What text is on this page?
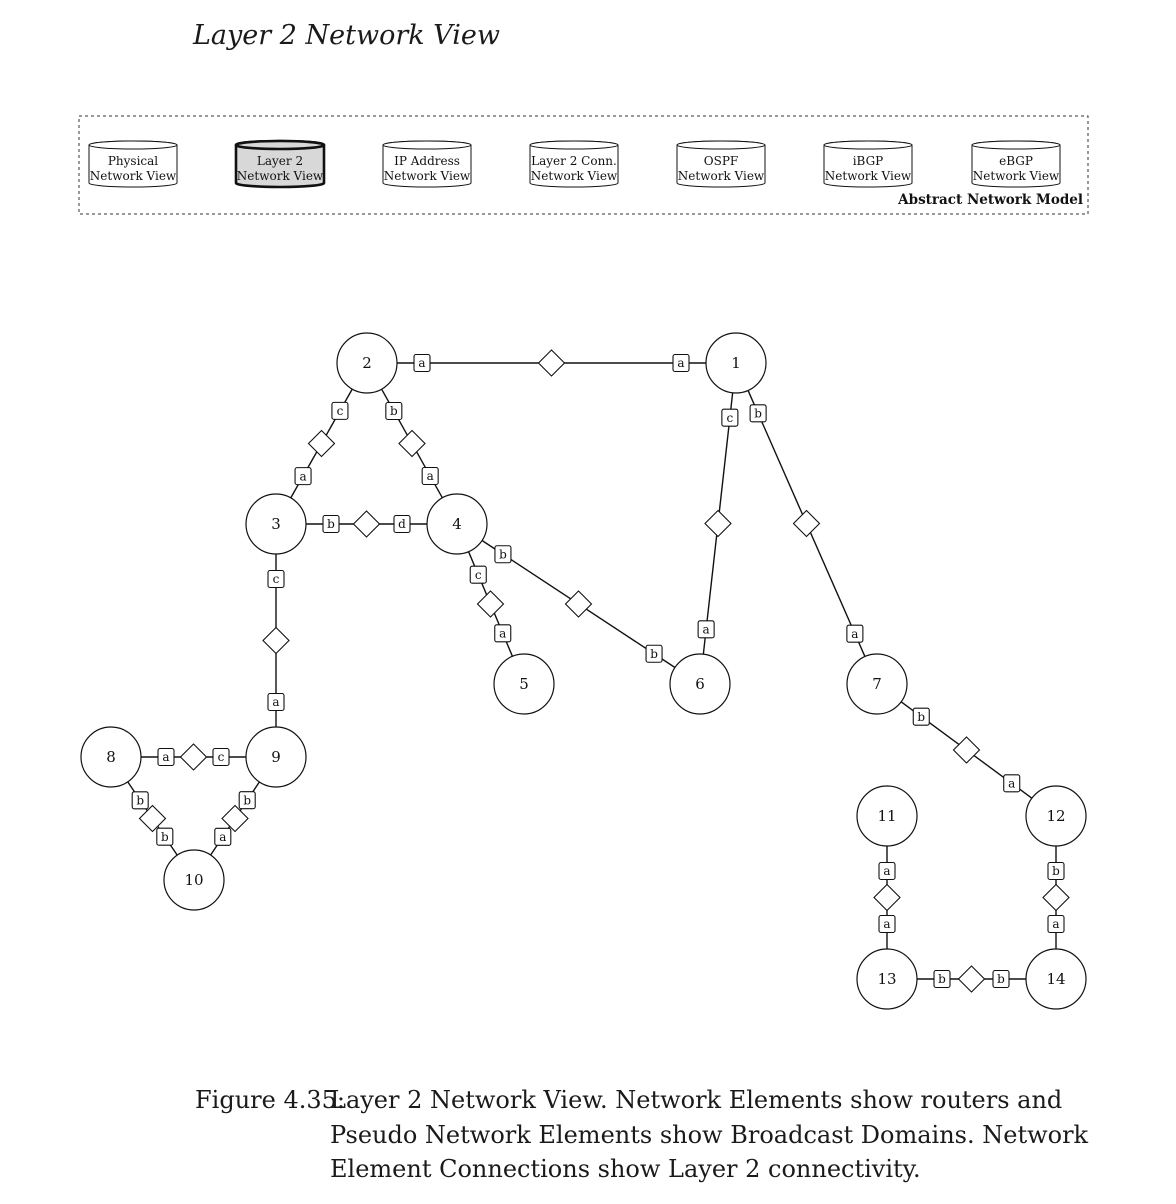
Layer 2 Network View
Physical
Network View
Layer 2
Network View
IP Address
Network View
Layer 2 Conn.
Network View
OSPF
Network View
iBGP
Network View
eBGP
Network View
Abstract Network Model
a	a
c
a
b
a
b	d
c
a
c
a
b
b
c
a
b
a
a	c
b
b
b
a
b
a
a
a
b
a
b	b
1
2
3	4
5	6	7
8	9
10
11	12
13	14
Figure 4.35:
Layer 2 Network View. Network Elements show routers and
Pseudo Network Elements show Broadcast Domains. Network
Element Connections show Layer 2 connectivity.
